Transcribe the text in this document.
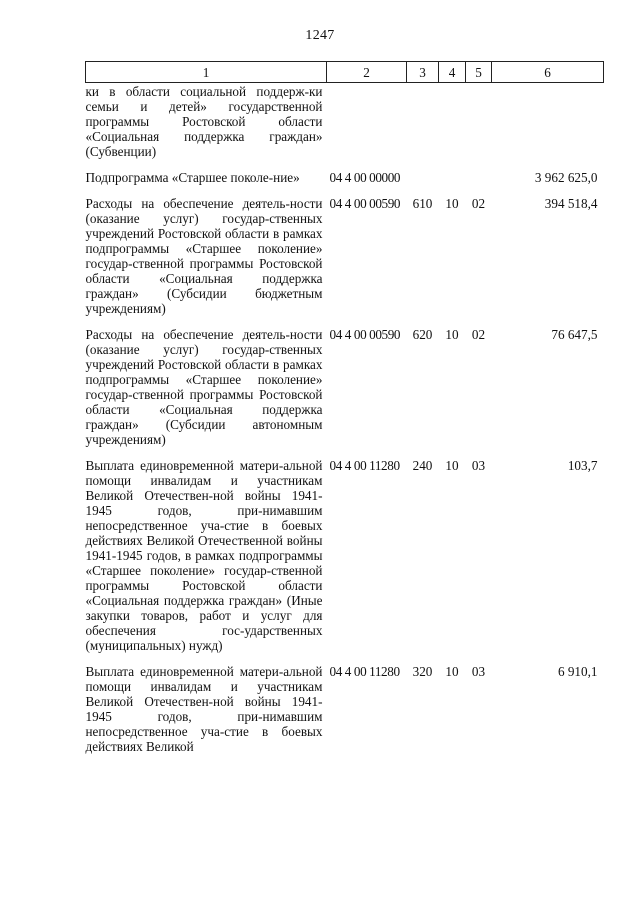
1247
1	2	3	4	5	6
ки в области социальной поддерж-ки семьи и детей» государственной программы Ростовской области «Социальная поддержка граждан» (Субвенции)					

Подпрограмма «Старшее поколе-ние»	04 4 00 00000				3 962 625,0

Расходы на обеспечение деятель-ности (оказание услуг) государ-ственных учреждений Ростовской области в рамках подпрограммы «Старшее поколение» государ-ственной программы Ростовской области «Социальная поддержка граждан» (Субсидии бюджетным учреждениям)	04 4 00 00590	610	10	02	394 518,4

Расходы на обеспечение деятель-ности (оказание услуг) государ-ственных учреждений Ростовской области в рамках подпрограммы «Старшее поколение» государ-ственной программы Ростовской области «Социальная поддержка граждан» (Субсидии автономным учреждениям)	04 4 00 00590	620	10	02	76 647,5

Выплата единовременной матери-альной помощи инвалидам и участникам Великой Отечествен-ной войны 1941-1945 годов, при-нимавшим непосредственное уча-стие в боевых действиях Великой Отечественной войны 1941-1945 годов, в рамках подпрограммы «Старшее поколение» государ-ственной программы Ростовской области «Социальная поддержка граждан» (Иные закупки товаров, работ и услуг для обеспечения гос-ударственных (муниципальных) нужд)	04 4 00 11280	240	10	03	103,7

Выплата единовременной матери-альной помощи инвалидам и участникам Великой Отечествен-ной войны 1941-1945 годов, при-нимавшим непосредственное уча-стие в боевых действиях Великой	04 4 00 11280	320	10	03	6 910,1
